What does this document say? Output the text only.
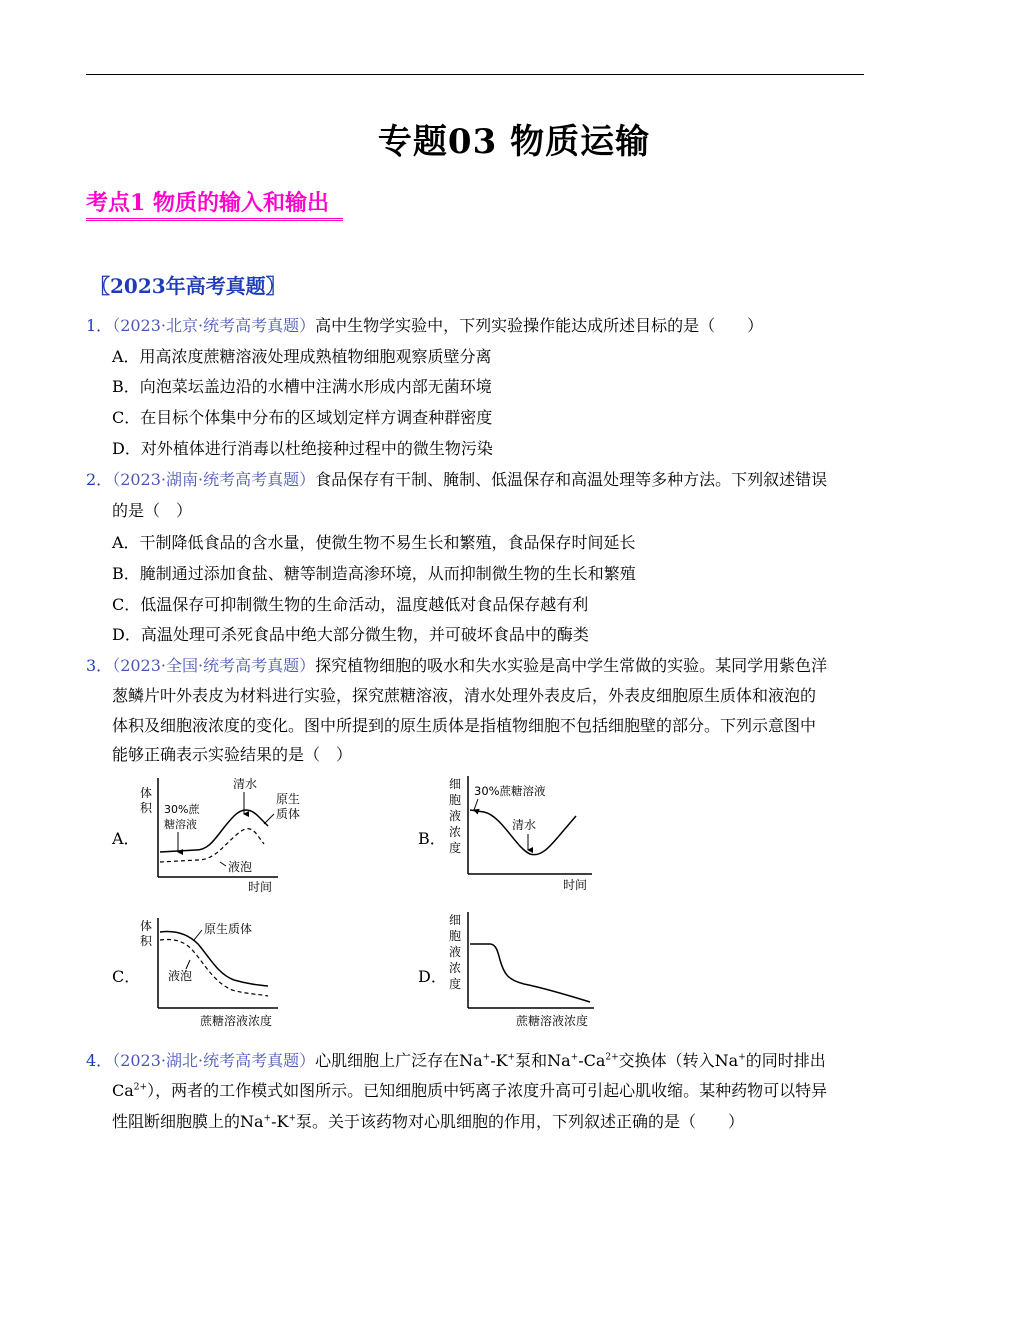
专题03 物质运输
考点1 物质的输入和输出
〖2023年高考真题〗
1．（2023·北京·统考高考真题）高中生物学实验中，下列实验操作能达成所述目标的是（　　）
A．用高浓度蔗糖溶液处理成熟植物细胞观察质壁分离
B．向泡菜坛盖边沿的水槽中注满水形成内部无菌环境
C．在目标个体集中分布的区域划定样方调查种群密度
D．对外植体进行消毒以杜绝接种过程中的微生物污染
2．（2023·湖南·统考高考真题）食品保存有干制、腌制、低温保存和高温处理等多种方法。下列叙述错误
的是（　）
A．干制降低食品的含水量，使微生物不易生长和繁殖，食品保存时间延长
B．腌制通过添加食盐、糖等制造高渗环境，从而抑制微生物的生长和繁殖
C．低温保存可抑制微生物的生命活动，温度越低对食品保存越有利
D．高温处理可杀死食品中绝大部分微生物，并可破坏食品中的酶类
3．（2023·全国·统考高考真题）探究植物细胞的吸水和失水实验是高中学生常做的实验。某同学用紫色洋
葱鳞片叶外表皮为材料进行实验，探究蔗糖溶液，清水处理外表皮后，外表皮细胞原生质体和液泡的
体积及细胞液浓度的变化。图中所提到的原生质体是指植物细胞不包括细胞壁的部分。下列示意图中
能够正确表示实验结果的是（　）
A．	B．
C．	D．
体
积 30%蔗
糖溶液
清水
原生
质体
液泡
时间
细
胞
液
浓
度
30%蔗糖溶液
清水
时间
体
积
原生质体
液泡
蔗糖溶液浓度
细
胞
液
浓
度
蔗糖溶液浓度
4．（2023·湖北·统考高考真题）心肌细胞上广泛存在Na+-K+泵和$Na^+-Ca^{2+}$交换体（转入Na+的同时排出
$Ca^{2+}$），两者的工作模式如图所示。已知细胞质中钙离子浓度升高可引起心肌收缩。某种药物可以特异
性阻断细胞膜上的Na+-K+泵。关于该药物对心肌细胞的作用，下列叙述正确的是（　　）
